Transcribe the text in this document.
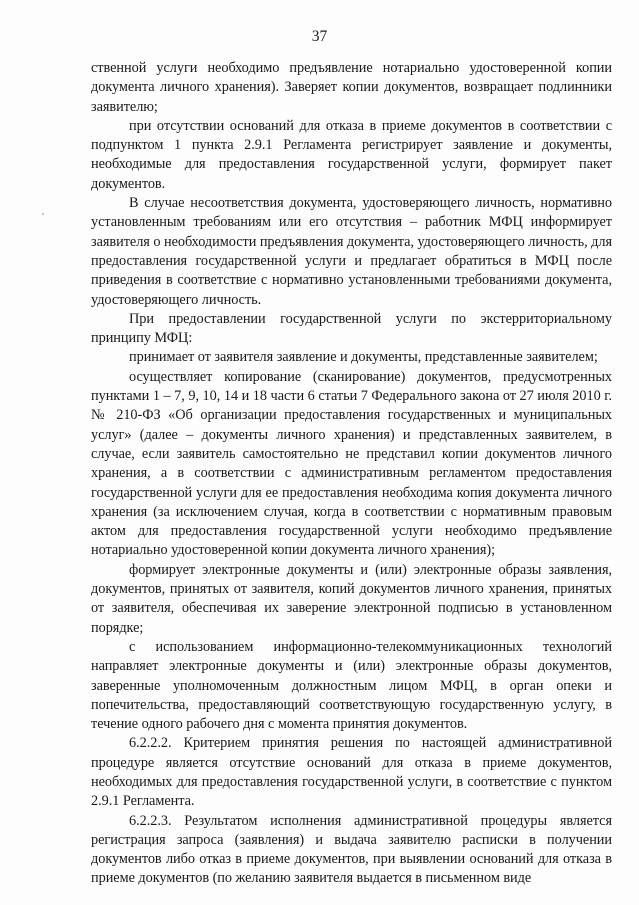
37

ственной услуги необходимо предъявление нотариально удостоверенной копии документа личного хранения). Заверяет копии документов, возвращает подлинники заявителю;

при отсутствии оснований для отказа в приеме документов в соответствии с подпунктом 1 пункта 2.9.1 Регламента регистрирует заявление и документы, необходимые для предоставления государственной услуги, формирует пакет документов.

В случае несоответствия документа, удостоверяющего личность, нормативно установленным требованиям или его отсутствия – работник МФЦ информирует заявителя о необходимости предъявления документа, удостоверяющего личность, для предоставления государственной услуги и предлагает обратиться в МФЦ после приведения в соответствие с нормативно установленными требованиями документа, удостоверяющего личность.

При предоставлении государственной услуги по экстерриториальному принципу МФЦ:

принимает от заявителя заявление и документы, представленные заявителем;

осуществляет копирование (сканирование) документов, предусмотренных пунктами 1 – 7, 9, 10, 14 и 18 части 6 статьи 7 Федерального закона от 27 июля 2010 г. № 210-ФЗ «Об организации предоставления государственных и муниципальных услуг» (далее – документы личного хранения) и представленных заявителем, в случае, если заявитель самостоятельно не представил копии документов личного хранения, а в соответствии с административным регламентом предоставления государственной услуги для ее предоставления необходима копия документа личного хранения (за исключением случая, когда в соответствии с нормативным правовым актом для предоставления государственной услуги необходимо предъявление нотариально удостоверенной копии документа личного хранения);

формирует электронные документы и (или) электронные образы заявления, документов, принятых от заявителя, копий документов личного хранения, принятых от заявителя, обеспечивая их заверение электронной подписью в установленном порядке;

с использованием информационно-телекоммуникационных технологий направляет электронные документы и (или) электронные образы документов, заверенные уполномоченным должностным лицом МФЦ, в орган опеки и попечительства, предоставляющий соответствующую государственную услугу, в течение одного рабочего дня с момента принятия документов.

6.2.2.2. Критерием принятия решения по настоящей административной процедуре является отсутствие оснований для отказа в приеме документов, необходимых для предоставления государственной услуги, в соответствие с пунктом 2.9.1 Регламента.

6.2.2.3. Результатом исполнения административной процедуры является регистрация запроса (заявления) и выдача заявителю расписки в получении документов либо отказ в приеме документов, при выявлении оснований для отказа в приеме документов (по желанию заявителя выдается в письменном виде
